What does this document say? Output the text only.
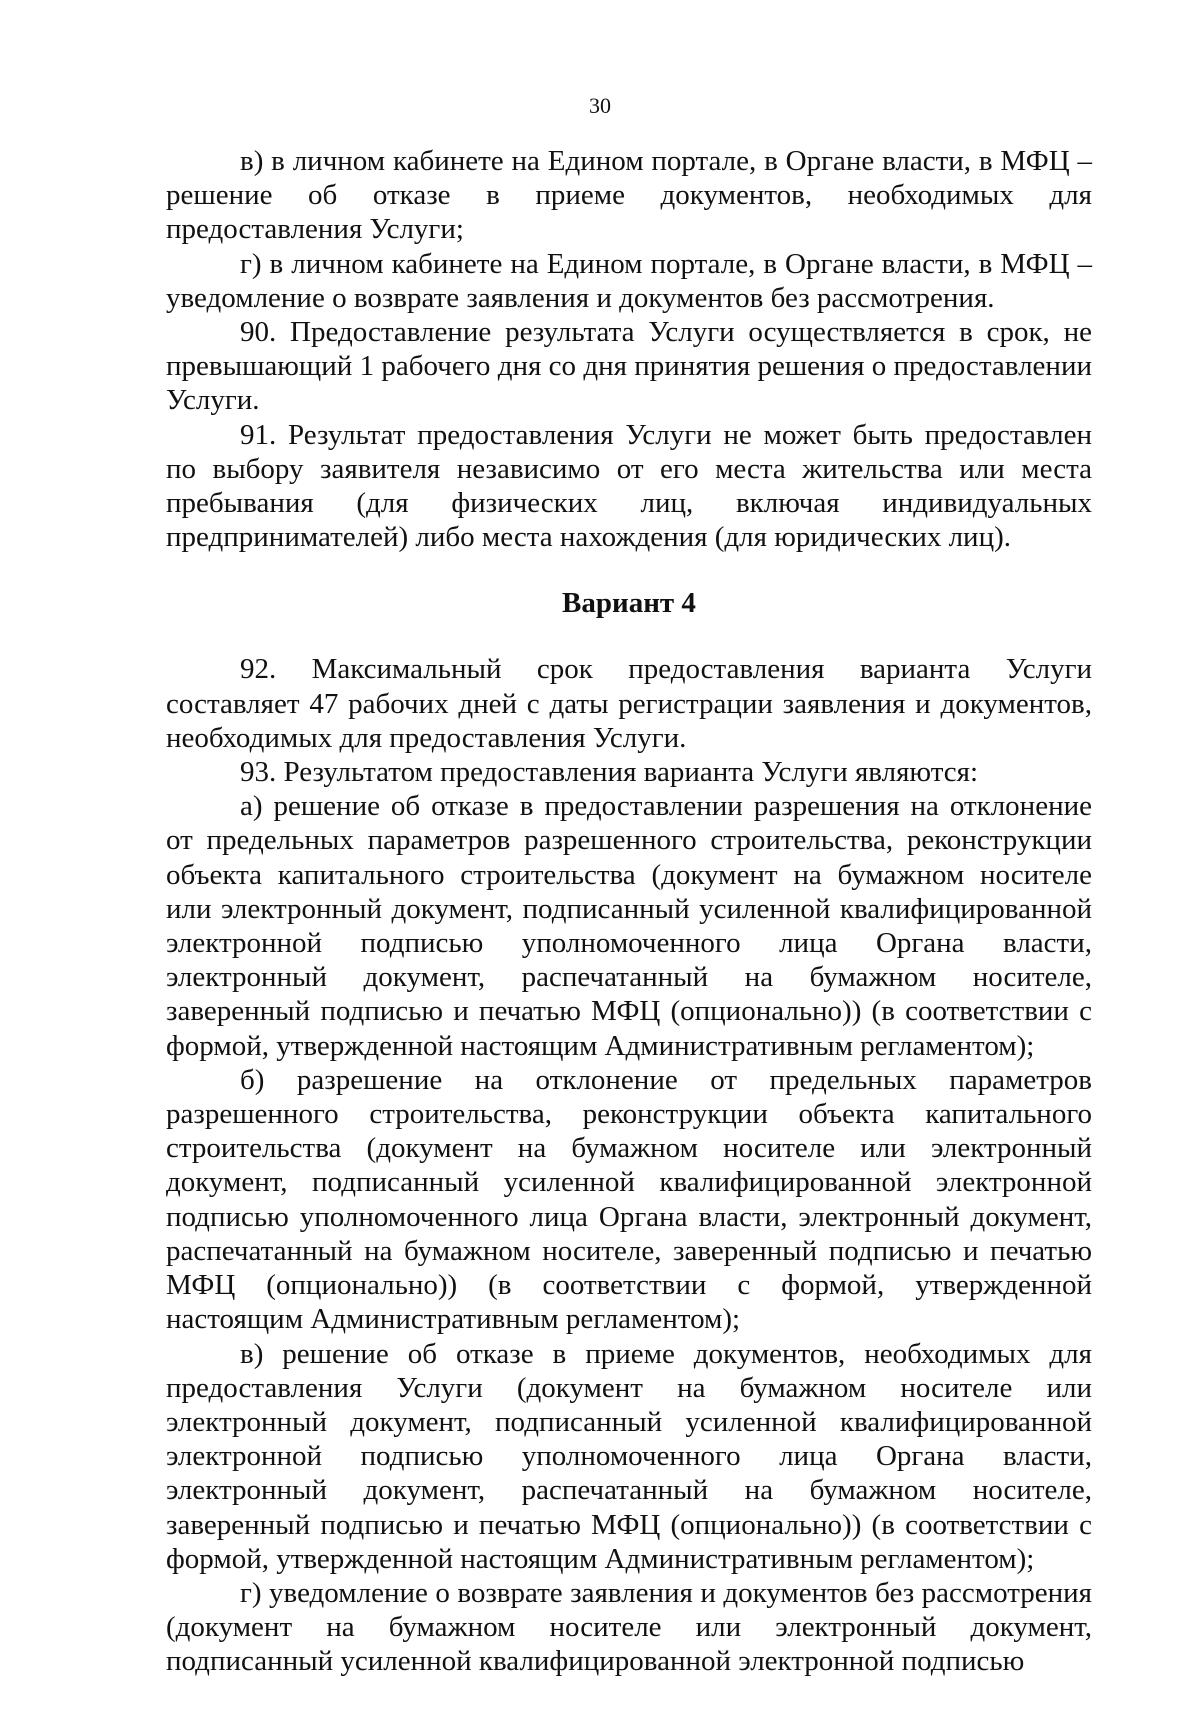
30

в) в личном кабинете на Едином портале, в Органе власти, в МФЦ – решение об отказе в приеме документов, необходимых для предоставления Услуги;

г) в личном кабинете на Едином портале, в Органе власти, в МФЦ – уведомление о возврате заявления и документов без рассмотрения.

90. Предоставление результата Услуги осуществляется в срок, не превышающий 1 рабочего дня со дня принятия решения о предоставлении Услуги.

91. Результат предоставления Услуги не может быть предоставлен по выбору заявителя независимо от его места жительства или места пребывания (для физических лиц, включая индивидуальных предпринимателей) либо места нахождения (для юридических лиц).

Вариант 4

92. Максимальный срок предоставления варианта Услуги составляет 47 рабочих дней с даты регистрации заявления и документов, необходимых для предоставления Услуги.

93. Результатом предоставления варианта Услуги являются:

а) решение об отказе в предоставлении разрешения на отклонение от предельных параметров разрешенного строительства, реконструкции объекта капитального строительства (документ на бумажном носителе или электронный документ, подписанный усиленной квалифицированной электронной подписью уполномоченного лица Органа власти, электронный документ, распечатанный на бумажном носителе, заверенный подписью и печатью МФЦ (опционально)) (в соответствии с формой, утвержденной настоящим Административным регламентом);

б) разрешение на отклонение от предельных параметров разрешенного строительства, реконструкции объекта капитального строительства (документ на бумажном носителе или электронный документ, подписанный усиленной квалифицированной электронной подписью уполномоченного лица Органа власти, электронный документ, распечатанный на бумажном носителе, заверенный подписью и печатью МФЦ (опционально)) (в соответствии с формой, утвержденной настоящим Административным регламентом);

в) решение об отказе в приеме документов, необходимых для предоставления Услуги (документ на бумажном носителе или электронный документ, подписанный усиленной квалифицированной электронной подписью уполномоченного лица Органа власти, электронный документ, распечатанный на бумажном носителе, заверенный подписью и печатью МФЦ (опционально)) (в соответствии с формой, утвержденной настоящим Административным регламентом);

г) уведомление о возврате заявления и документов без рассмотрения (документ на бумажном носителе или электронный документ, подписанный усиленной квалифицированной электронной подписью
